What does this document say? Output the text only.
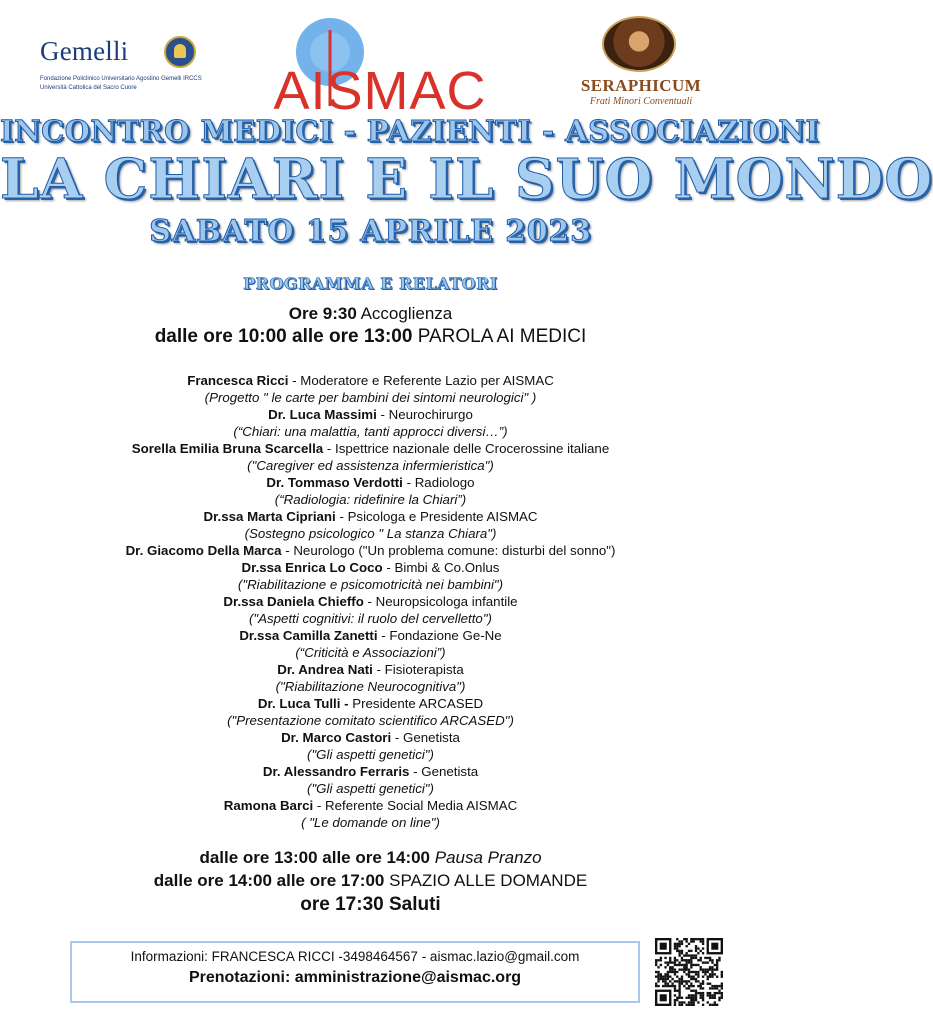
Gemelli
Fondazione Policlinico Universitario Agostino Gemelli IRCCS
Università Cattolica del Sacro Cuore	AISMAC	SERAPHICUM
Frati Minori Conventuali
INCONTRO MEDICI - PAZIENTI - ASSOCIAZIONI
LA CHIARI E IL SUO MONDO
SABATO 15 APRILE 2023
PROGRAMMA E RELATORI
Ore 9:30 Accoglienza
dalle ore 10:00 alle ore 13:00 PAROLA AI MEDICI
Francesca Ricci - Moderatore e Referente Lazio per AISMAC
(Progetto " le carte per bambini dei sintomi neurologici" )
Dr. Luca Massimi - Neurochirurgo
(“Chiari: una malattia, tanti approcci diversi…”)
Sorella Emilia Bruna Scarcella - Ispettrice nazionale delle Crocerossine italiane
("Caregiver ed assistenza infermieristica")
Dr. Tommaso Verdotti - Radiologo
(“Radiologia: ridefinire la Chiari”)
Dr.ssa Marta Cipriani - Psicologa e Presidente AISMAC
(Sostegno psicologico " La stanza Chiara")
Dr. Giacomo Della Marca - Neurologo ("Un problema comune: disturbi del sonno")
Dr.ssa Enrica Lo Coco - Bimbi & Co.Onlus
("Riabilitazione e psicomotricità nei bambini")
Dr.ssa Daniela Chieffo - Neuropsicologa infantile
("Aspetti cognitivi: il ruolo del cervelletto")
Dr.ssa Camilla Zanetti - Fondazione Ge-Ne
(“Criticità e Associazioni”)
Dr. Andrea Nati - Fisioterapista
("Riabilitazione Neurocognitiva")
Dr. Luca Tulli - Presidente ARCASED
("Presentazione comitato scientifico ARCASED")
Dr. Marco Castori - Genetista
("Gli aspetti genetici")
Dr. Alessandro Ferraris - Genetista
("Gli aspetti genetici")
Ramona Barci - Referente Social Media AISMAC
( "Le domande on line")
dalle ore 13:00 alle ore 14:00 Pausa Pranzo
dalle ore 14:00 alle ore 17:00 SPAZIO ALLE DOMANDE
ore 17:30 Saluti
Informazioni: FRANCESCA RICCI -3498464567 - aismac.lazio@gmail.com
Prenotazioni: amministrazione@aismac.org
